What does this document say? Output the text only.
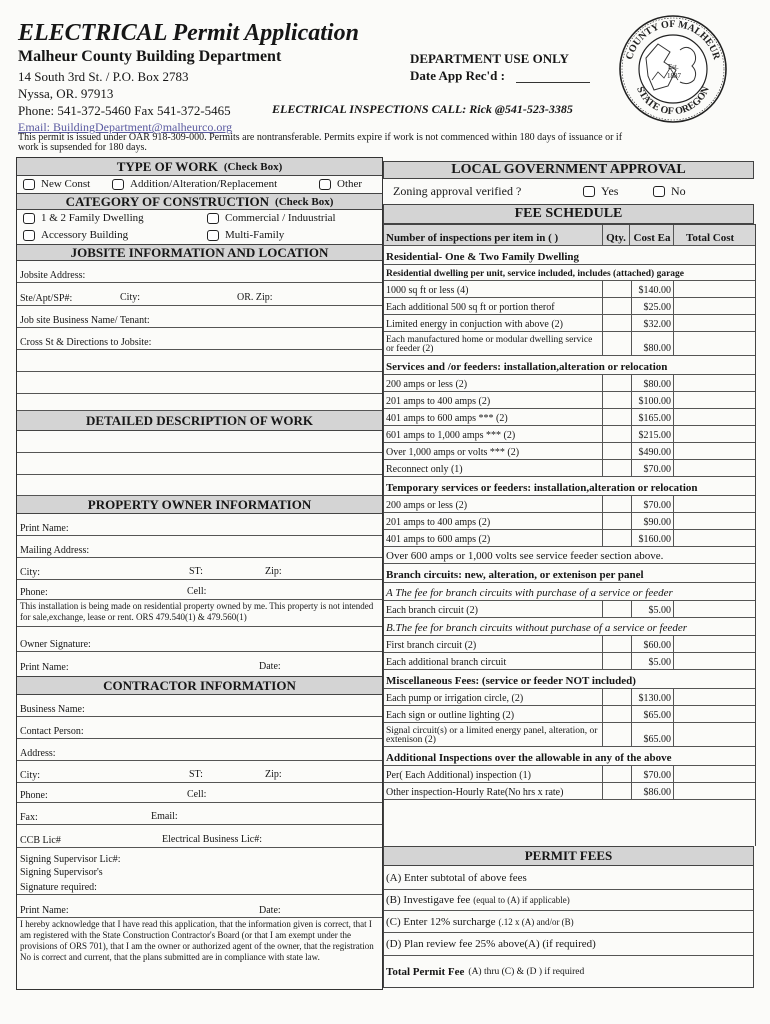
ELECTRICAL Permit Application
Malheur County Building Department
14 South 3rd St. / P.O. Box 2783
Nyssa, OR. 97913
Phone: 541-372-5460 Fax 541-372-5465
DEPARTMENT USE ONLY
Date App Rec'd :
ELECTRICAL INSPECTIONS CALL: Rick @541-523-3385
Email: BuildingDepartment@malheurco.org
This permit is issued under OAR 918-309-000. Permits are nontransferable. Permits expire if work is not commenced within 180 days of issuance or if work is supsended for 180 days.
COUNTY OF MALHEUR
STATE OF OREGON
Est.
1887
TYPE OF WORK (Check Box)
New Const	Addition/Alteration/Replacement	Other
CATEGORY OF CONSTRUCTION (Check Box)
1 & 2 Family Dwelling	Commercial / Induustrial
Accessory Building	Multi-Family
JOBSITE INFORMATION AND LOCATION
Jobsite Address:
Ste/Apt/SP#:	City:	OR. Zip:
Job site Business Name/ Tenant:
Cross St & Directions to Jobsite:
DETAILED DESCRIPTION OF WORK
PROPERTY OWNER INFORMATION
Print Name:
Mailing Address:
City:	ST:	Zip:
Phone:	Cell:
This installation is being made on residential property owned by me. This property is not intended for sale,exchange, lease or rent. ORS 479.540(1) & 479.560(1)
Owner Signature:
Print Name:	Date:
CONTRACTOR INFORMATION
Business Name:
Contact Person:
Address:
City:	ST:	Zip:
Phone:	Cell:
Fax:	Email:
CCB Lic#	Electrical Business Lic#:
Signing Supervisor Lic#:
Signing Supervisor's
Signature required:
Print Name:	Date:
I hereby acknowledge that I have read this application, that the information given is correct, that I am registered with the State Construction Contractor's Board (or that I am exempt under the provisions of ORS 701), that I am the owner or authorized agent of the owner, that the registration No is correct and current, that the plans submitted are in compliance with state law.
LOCAL GOVERNMENT APPROVAL
Zoning approval verified ?	Yes	No
FEE SCHEDULE
Number of inspections per item in ( )	Qty. Cost Ea Total Cost
Residential- One & Two Family Dwelling
Residential dwelling per unit, service included, includes (attached) garage
1000 sq ft or less (4)	$140.00
Each additional 500 sq ft or portion therof	$25.00
Limited energy in conjuction with above (2)	$32.00
Each manufactured home or modular dwelling service or feeder (2)	$80.00
Services and /or feeders: installation,alteration or relocation
200 amps or less (2)	$80.00
201 amps to 400 amps (2)	$100.00
401 amps to 600 amps *** (2)	$165.00
601 amps to 1,000 amps *** (2)	$215.00
Over 1,000 amps or volts *** (2)	$490.00
Reconnect only (1)	$70.00
Temporary services or feeders: installation,alteration or relocation
200 amps or less (2)	$70.00
201 amps to 400 amps (2)	$90.00
401 amps to 600 amps (2)	$160.00
Over 600 amps or 1,000 volts see service feeder section above.
Branch circuits: new, alteration, or extenison per panel
A The fee for branch circuits with purchase of a service or feeder
Each branch circuit (2)	$5.00
B.The fee for branch circuits without purchase of a service or feeder
First branch circuit (2)	$60.00
Each additional branch circuit	$5.00
Miscellaneous Fees: (service or feeder NOT included)
Each pump or irrigation circle, (2)	$130.00
Each sign or outline lighting (2)	$65.00
Signal circuit(s) or a limited energy panel, alteration, or extenison (2)	$65.00
Additional Inspections over the allowable in any of the above
Per( Each Additional) inspection (1)	$70.00
Other inspection-Hourly Rate(No hrs x rate)	$86.00
PERMIT FEES
(A) Enter subtotal of above fees
(B) Investigave fee (equal to (A) if applicable)
(C) Enter 12% surcharge (.12 x (A) and/or (B)
(D) Plan review fee 25% above(A) (if required)
Total Permit Fee (A) thru (C) & (D ) if required
